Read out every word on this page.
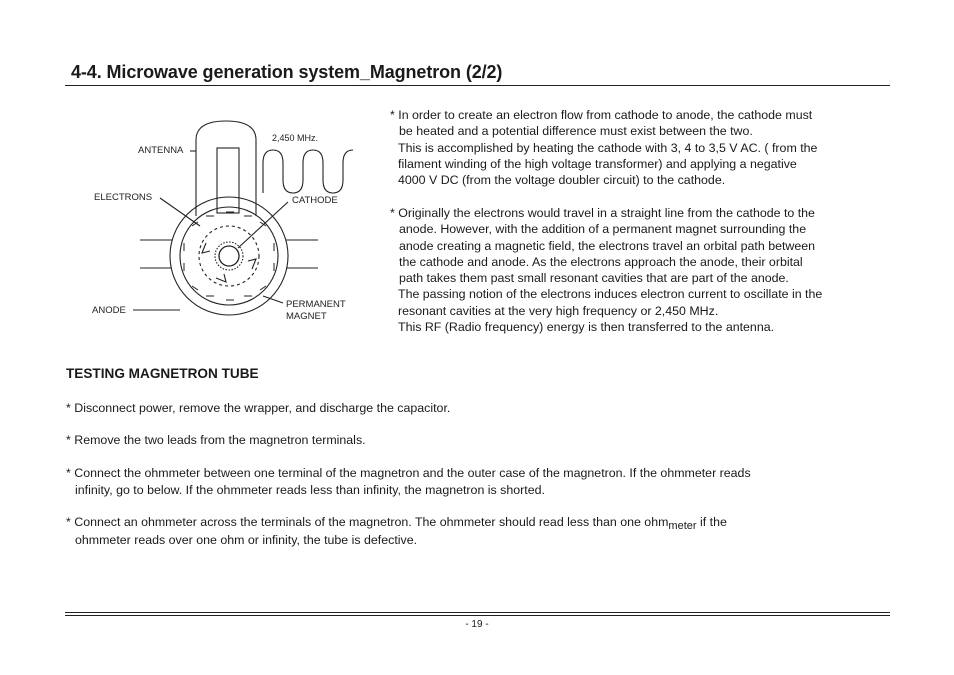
4-4. Microwave generation system_Magnetron (2/2)
ANTENNA
2,450 MHz.
ELECTRONS	CATHODE
ANODE
PERMANENT
MAGNET

* In order to create an electron flow from cathode to anode, the cathode must

be heated and a potential difference must exist between the two.

This is accomplished by heating the cathode with 3, 4 to 3,5 V AC. ( from the

filament winding of the high voltage transformer) and applying a negative

4000 V DC (from the voltage doubler circuit) to the cathode.

* Originally the electrons would travel in a straight line from the cathode to the

anode. However, with the addition of a permanent magnet surrounding the

anode creating a magnetic field, the electrons travel an orbital path between

the cathode and anode. As the electrons approach the anode, their orbital

path takes them past small resonant cavities that are part of the anode.

The passing notion of the electrons induces electron current to oscillate in the

resonant cavities at the very high frequency or 2,450 MHz.

This RF (Radio frequency) energy is then transferred to the antenna.

TESTING MAGNETRON TUBE

* Disconnect power, remove the wrapper, and discharge the capacitor.

* Remove the two leads from the magnetron terminals.

* Connect the ohmmeter between one terminal of the magnetron and the outer case of the magnetron. If the ohmmeter reads

infinity, go to below. If the ohmmeter reads less than infinity, the magnetron is shorted.

* Connect an ohmmeter across the terminals of the magnetron. The ohmmeter should read less than one ohmmeter if the

ohmmeter reads over one ohm or infinity, the tube is defective.

- 19 -
